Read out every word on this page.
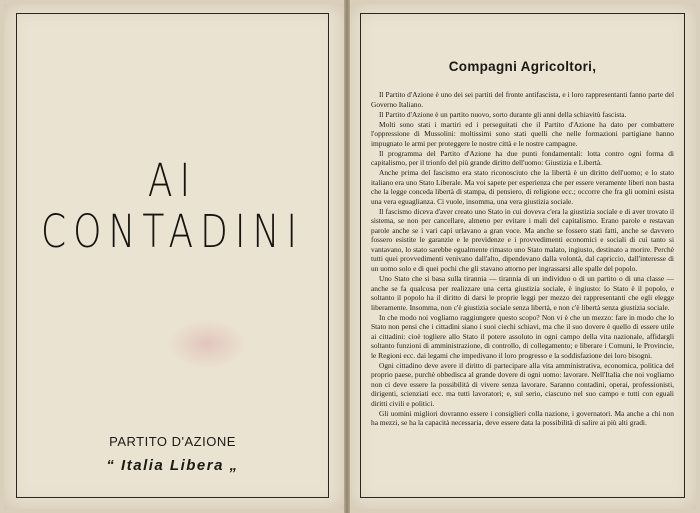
AI CONTADINI
PARTITO D'AZIONE
“ Italia Libera „
Compagni Agricoltori,

Il Partito d'Azione è uno dei sei partiti del fronte antifascista, e i loro rappresentanti fanno parte del Governo Italiano.

Il Partito d'Azione è un partito nuovo, sorto durante gli anni della schiavitù fascista.

Molti sono stati i martiri ed i perseguitati che il Partito d'Azione ha dato per combattere l'oppressione di Mussolini: moltissimi sono stati quelli che nelle formazioni partigiane hanno impugnato le armi per proteggere le nostre città e le nostre campagne.

Il programma del Partito d'Azione ha due punti fondamentali: lotta contro ogni forma di capitalismo, per il trionfo del più grande diritto dell'uomo: Giustizia e Libertà.

Anche prima del fascismo era stato riconosciuto che la libertà è un diritto dell'uomo; e lo stato italiano era uno Stato Liberale. Ma voi sapete per esperienza che per essere veramente liberi non basta che la legge conceda libertà di stampa, di pensiero, di religione ecc.; occorre che fra gli uomini esista una vera eguaglianza. Ci vuole, insomma, una vera giustizia sociale.

Il fascismo diceva d'aver creato uno Stato in cui doveva c'era la giustizia sociale e di aver trovato il sistema, se non per cancellare, almeno per evitare i mali del capitalismo. Erano parole e restavan parole anche se i vari capi urlavano a gran voce. Ma anche se fossero stati fatti, anche se davvero fossero esistite le garanzie e le previdenze e i provvedimenti economici e sociali di cui tanto si vantavano, lo stato sarebbe egualmente rimasto uno Stato malato, ingiusto, destinato a morire. Perchè tutti quei provvedimenti venivano dall'alto, dipendevano dalla volontà, dal capriccio, dall'interesse di un uomo solo e di quei pochi che gli stavano attorno per ingrassarsi alle spalle del popolo.

Uno Stato che si basa sulla tirannia — tirannia di un individuo o di un partito o di una classe — anche se fa qualcosa per realizzare una certa giustizia sociale, è ingiusto: lo Stato è il popolo, e soltanto il popolo ha il diritto di darsi le proprie leggi per mezzo dei rappresentanti che egli elegge liberamente. Insomma, non c'è giustizia sociale senza libertà, e non c'è libertà senza giustizia sociale.

In che modo noi vogliamo raggiungere questo scopo? Non vi è che un mezzo: fare in modo che lo Stato non pensi che i cittadini siano i suoi ciechi schiavi, ma che il suo dovere è quello di essere utile ai cittadini: cioè togliere allo Stato il potere assoluto in ogni campo della vita nazionale, affidargli soltanto funzioni di amministrazione, di controllo, di collegamento; e liberare i Comuni, le Provincie, le Regioni ecc. dai legami che impedivano il loro progresso e la soddisfazione dei loro bisogni.

Ogni cittadino deve avere il diritto di partecipare alla vita amministrativa, economica, politica del proprio paese, purchè obbedisca al grande dovere di ogni uomo: lavorare. Nell'Italia che noi vogliamo non ci deve essere la possibilità di vivere senza lavorare. Saranno contadini, operai, professionisti, dirigenti, scienziati ecc. ma tutti lavoratori; e, sul serio, ciascuno nel suo campo e tutti con eguali diritti civili e politici.

Gli uomini migliori dovranno essere i consiglieri colla nazione, i governatori. Ma anche a chi non ha mezzi, se ha la capacità necessaria, deve essere data la possibilità di salire ai più alti gradi.
